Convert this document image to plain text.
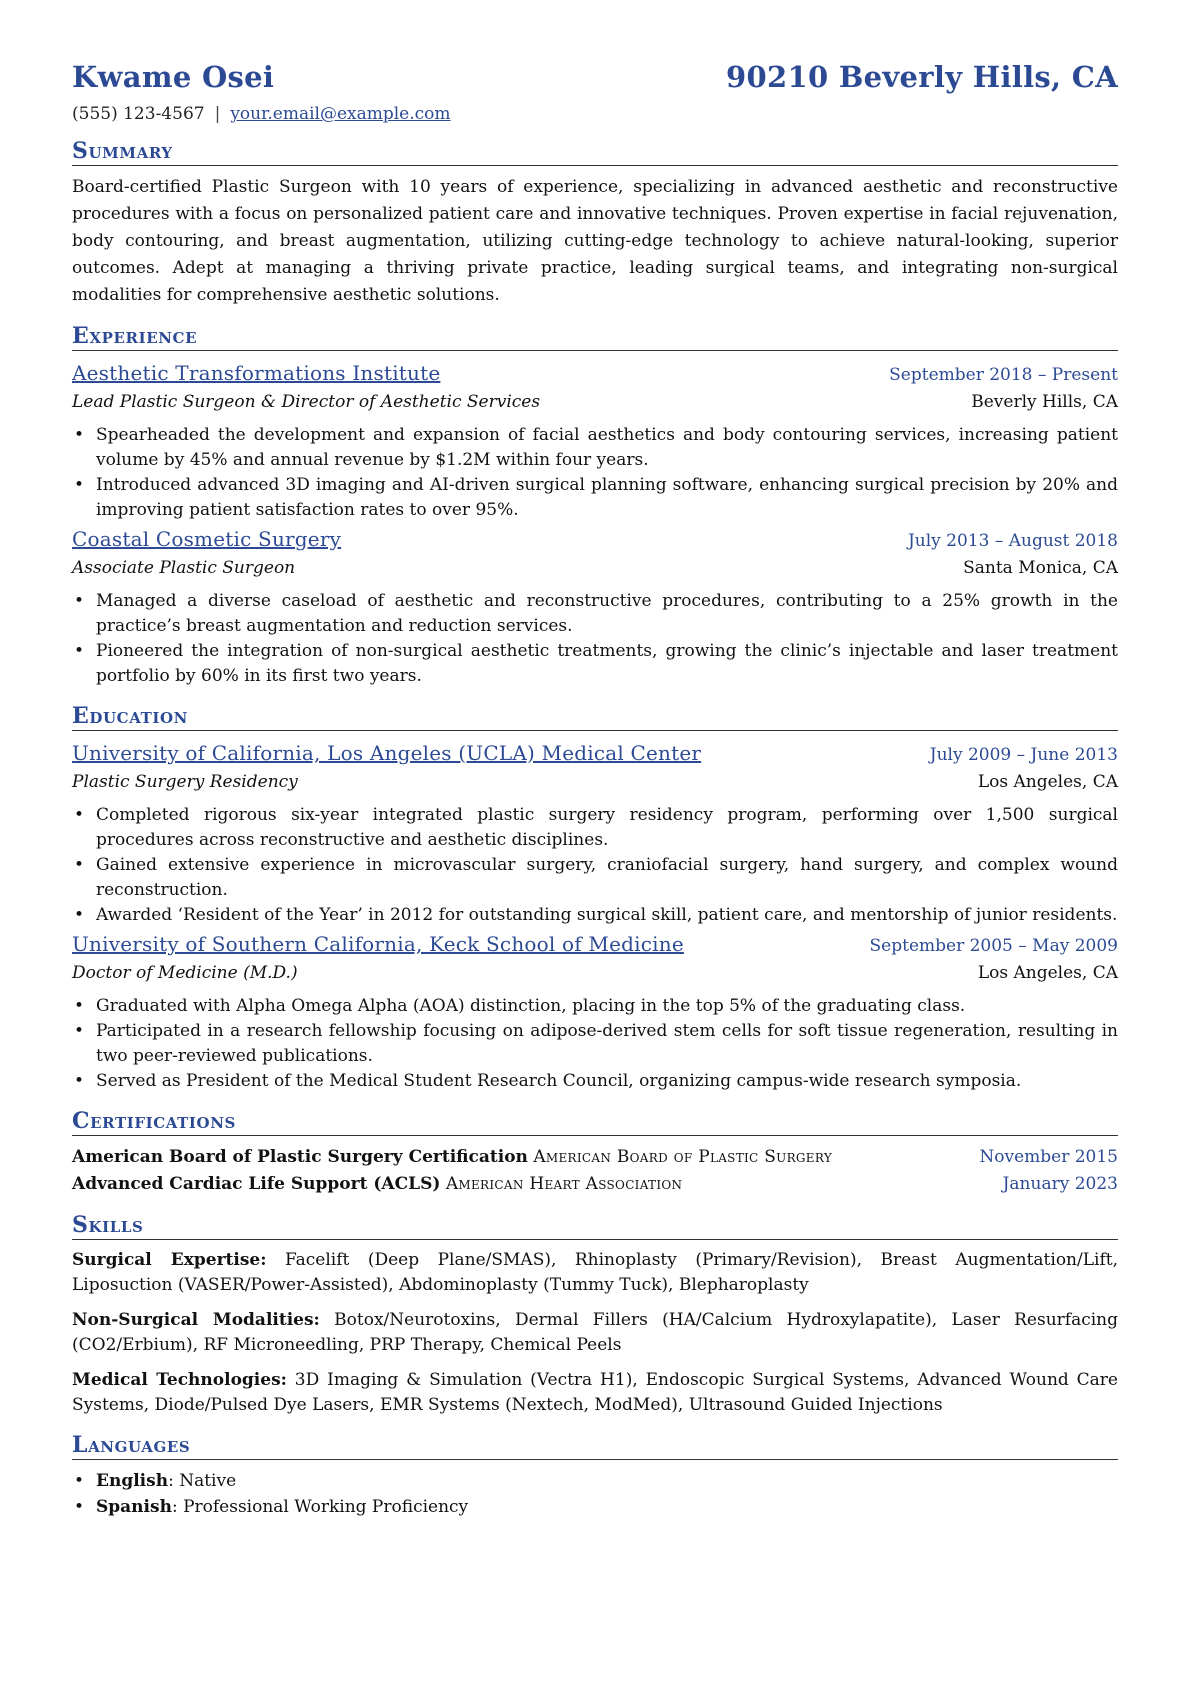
Kwame Osei	90210 Beverly Hills, CA
(555) 123-4567 | your.email@example.com
Summary

Board-certified Plastic Surgeon with 10 years of experience, specializing in advanced aesthetic and reconstructive procedures with a focus on personalized patient care and innovative techniques. Proven expertise in facial rejuvenation, body contouring, and breast augmentation, utilizing cutting-edge technology to achieve natural-looking, superior outcomes. Adept at managing a thriving private practice, leading surgical teams, and integrating non-surgical modalities for comprehensive aesthetic solutions.

Experience
Aesthetic Transformations Institute	September 2018 – Present
Lead Plastic Surgeon & Director of Aesthetic Services	Beverly Hills, CA
• Spearheaded the development and expansion of facial aesthetics and body contouring services, increasing patient volume by 45% and annual revenue by $1.2M within four years.
• Introduced advanced 3D imaging and AI-driven surgical planning software, enhancing surgical precision by 20% and improving patient satisfaction rates to over 95%.
Coastal Cosmetic Surgery	July 2013 – August 2018
Associate Plastic Surgeon	Santa Monica, CA
• Managed a diverse caseload of aesthetic and reconstructive procedures, contributing to a 25% growth in the practice’s breast augmentation and reduction services.
• Pioneered the integration of non-surgical aesthetic treatments, growing the clinic’s injectable and laser treatment portfolio by 60% in its first two years.
Education
University of California, Los Angeles (UCLA) Medical Center	July 2009 – June 2013
Plastic Surgery Residency	Los Angeles, CA
• Completed rigorous six-year integrated plastic surgery residency program, performing over 1,500 surgical procedures across reconstructive and aesthetic disciplines.
• Gained extensive experience in microvascular surgery, craniofacial surgery, hand surgery, and complex wound reconstruction.
• Awarded ‘Resident of the Year’ in 2012 for outstanding surgical skill, patient care, and mentorship of junior residents.
University of Southern California, Keck School of Medicine	September 2005 – May 2009
Doctor of Medicine (M.D.)	Los Angeles, CA
• Graduated with Alpha Omega Alpha (AOA) distinction, placing in the top 5% of the graduating class.
• Participated in a research fellowship focusing on adipose-derived stem cells for soft tissue regeneration, resulting in two peer-reviewed publications.
• Served as President of the Medical Student Research Council, organizing campus-wide research symposia.
Certifications
American Board of Plastic Surgery Certification American Board of Plastic Surgery	November 2015
Advanced Cardiac Life Support (ACLS) American Heart Association	January 2023
Skills

Surgical Expertise: Facelift (Deep Plane/SMAS), Rhinoplasty (Primary/Revision), Breast Augmentation/Lift, Liposuction (VASER/Power-Assisted), Abdominoplasty (Tummy Tuck), Blepharoplasty

Non-Surgical Modalities: Botox/Neurotoxins, Dermal Fillers (HA/Calcium Hydroxylapatite), Laser Resurfacing (CO2/Erbium), RF Microneedling, PRP Therapy, Chemical Peels

Medical Technologies: 3D Imaging & Simulation (Vectra H1), Endoscopic Surgical Systems, Advanced Wound Care Systems, Diode/Pulsed Dye Lasers, EMR Systems (Nextech, ModMed), Ultrasound Guided Injections

Languages
• English: Native
• Spanish: Professional Working Proficiency
